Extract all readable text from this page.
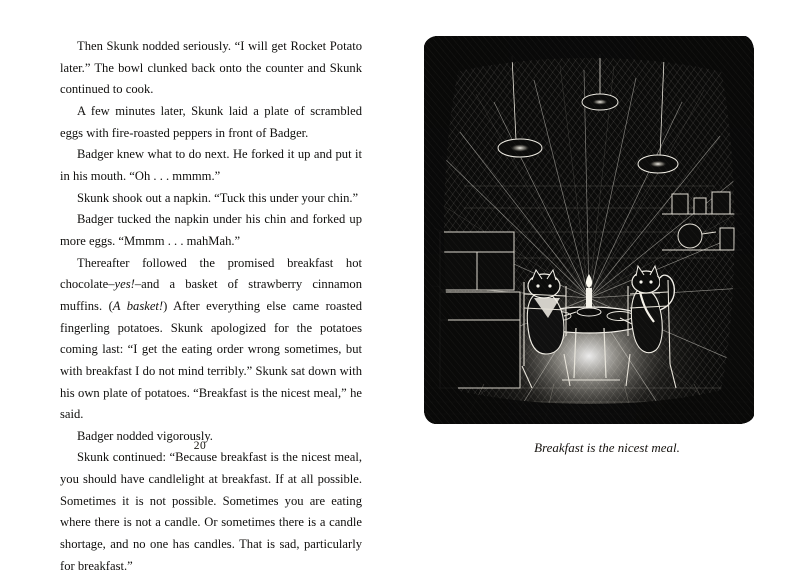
Then Skunk nodded seriously. “I will get Rocket Potato later.” The bowl clunked back onto the counter and Skunk continued to cook.

A few minutes later, Skunk laid a plate of scrambled eggs with fire-roasted peppers in front of Badger.

Badger knew what to do next. He forked it up and put it in his mouth. “Oh . . . mmmm.”

Skunk shook out a napkin. “Tuck this under your chin.”

Badger tucked the napkin under his chin and forked up more eggs. “Mmmm . . . mahMah.”

Thereafter followed the promised breakfast hot chocolate–yes!–and a basket of strawberry cinnamon muffins. (A basket!) After everything else came roasted fingerling potatoes. Skunk apologized for the potatoes coming last: “I get the eating order wrong sometimes, but with breakfast I do not mind terribly.” Skunk sat down with his own plate of potatoes. “Breakfast is the nicest meal,” he said.

Badger nodded vigorously.

Skunk continued: “Because breakfast is the nicest meal, you should have candlelight at breakfast. If at all possible. Sometimes it is not possible. Sometimes you are eating where there is not a candle. Or sometimes there is a candle shortage, and no one has candles. That is sad, particularly for breakfast.”

20	Breakfast is the nicest meal.
